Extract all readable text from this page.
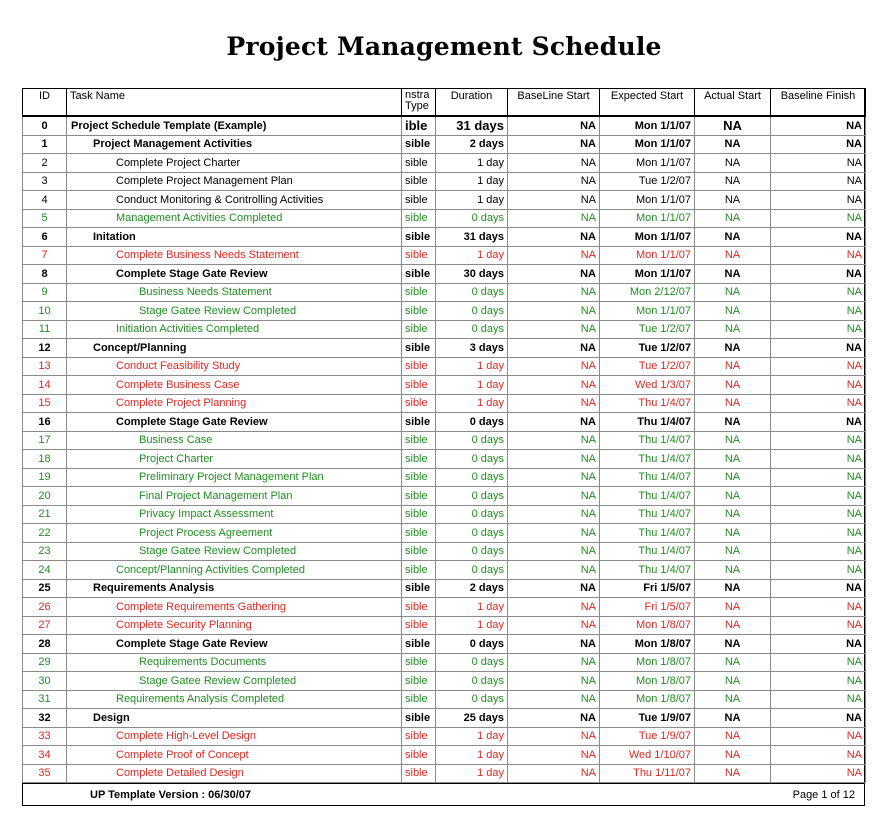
Project Management Schedule
ID	Task Name	nstra Type	Duration	BaseLine Start	Expected Start	Actual Start	Baseline Finish
0	Project Schedule Template (Example)	ible	31 days	NA	Mon 1/1/07	NA	NA
1	Project Management Activities	sible	2 days	NA	Mon 1/1/07	NA	NA
2	Complete Project Charter	sible	1 day	NA	Mon 1/1/07	NA	NA
3	Complete Project Management Plan	sible	1 day	NA	Tue 1/2/07	NA	NA
4	Conduct Monitoring & Controlling Activities	sible	1 day	NA	Mon 1/1/07	NA	NA
5	Management Activities Completed	sible	0 days	NA	Mon 1/1/07	NA	NA
6	Initation	sible	31 days	NA	Mon 1/1/07	NA	NA
7	Complete Business Needs Statement	sible	1 day	NA	Mon 1/1/07	NA	NA
8	Complete Stage Gate Review	sible	30 days	NA	Mon 1/1/07	NA	NA
9	Business Needs Statement	sible	0 days	NA	Mon 2/12/07	NA	NA
10	Stage Gatee Review Completed	sible	0 days	NA	Mon 1/1/07	NA	NA
11	Initiation Activities Completed	sible	0 days	NA	Tue 1/2/07	NA	NA
12	Concept/Planning	sible	3 days	NA	Tue 1/2/07	NA	NA
13	Conduct Feasibility Study	sible	1 day	NA	Tue 1/2/07	NA	NA
14	Complete Business Case	sible	1 day	NA	Wed 1/3/07	NA	NA
15	Complete Project Planning	sible	1 day	NA	Thu 1/4/07	NA	NA
16	Complete Stage Gate Review	sible	0 days	NA	Thu 1/4/07	NA	NA
17	Business Case	sible	0 days	NA	Thu 1/4/07	NA	NA
18	Project Charter	sible	0 days	NA	Thu 1/4/07	NA	NA
19	Preliminary Project Management Plan	sible	0 days	NA	Thu 1/4/07	NA	NA
20	Final Project Management Plan	sible	0 days	NA	Thu 1/4/07	NA	NA
21	Privacy Impact Assessment	sible	0 days	NA	Thu 1/4/07	NA	NA
22	Project Process Agreement	sible	0 days	NA	Thu 1/4/07	NA	NA
23	Stage Gatee Review Completed	sible	0 days	NA	Thu 1/4/07	NA	NA
24	Concept/Planning Activities Completed	sible	0 days	NA	Thu 1/4/07	NA	NA
25	Requirements Analysis	sible	2 days	NA	Fri 1/5/07	NA	NA
26	Complete Requirements Gathering	sible	1 day	NA	Fri 1/5/07	NA	NA
27	Complete Security Planning	sible	1 day	NA	Mon 1/8/07	NA	NA
28	Complete Stage Gate Review	sible	0 days	NA	Mon 1/8/07	NA	NA
29	Requirements Documents	sible	0 days	NA	Mon 1/8/07	NA	NA
30	Stage Gatee Review Completed	sible	0 days	NA	Mon 1/8/07	NA	NA
31	Requirements Analysis Completed	sible	0 days	NA	Mon 1/8/07	NA	NA
32	Design	sible	25 days	NA	Tue 1/9/07	NA	NA
33	Complete High-Level Design	sible	1 day	NA	Tue 1/9/07	NA	NA
34	Complete Proof of Concept	sible	1 day	NA	Wed 1/10/07	NA	NA
35	Complete Detailed Design	sible	1 day	NA	Thu 1/11/07	NA	NA
UP Template Version : 06/30/07	Page 1 of 12
